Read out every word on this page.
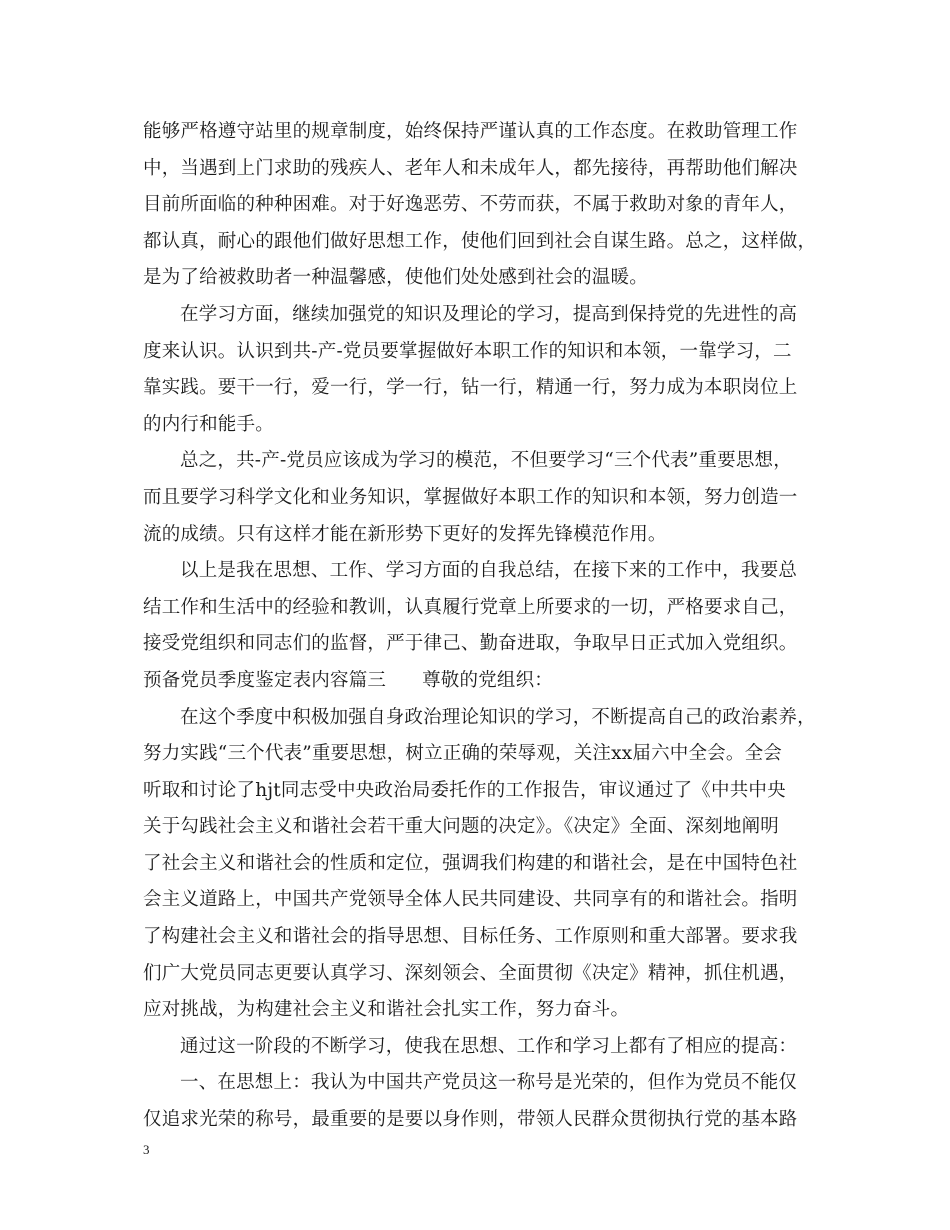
能够严格遵守站里的规章制度，始终保持严谨认真的工作态度。在救助管理工作
中，当遇到上门求助的残疾人、老年人和未成年人，都先接待，再帮助他们解决
目前所面临的种种困难。对于好逸恶劳、不劳而获，不属于救助对象的青年人，
都认真，耐心的跟他们做好思想工作，使他们回到社会自谋生路。总之，这样做，
是为了给被救助者一种温馨感，使他们处处感到社会的温暖。
在学习方面，继续加强党的知识及理论的学习，提高到保持党的先进性的高
度来认识。认识到共-产-党员要掌握做好本职工作的知识和本领，一靠学习，二
靠实践。要干一行，爱一行，学一行，钻一行，精通一行，努力成为本职岗位上
的内行和能手。
总之，共-产-党员应该成为学习的模范，不但要学习“三个代表”重要思想，
而且要学习科学文化和业务知识，掌握做好本职工作的知识和本领，努力创造一
流的成绩。只有这样才能在新形势下更好的发挥先锋模范作用。
以上是我在思想、工作、学习方面的自我总结，在接下来的工作中，我要总
结工作和生活中的经验和教训，认真履行党章上所要求的一切，严格要求自己，
接受党组织和同志们的监督，严于律己、勤奋进取，争取早日正式加入党组织。
预备党员季度鉴定表内容篇三 尊敬的党组织：
在这个季度中积极加强自身政治理论知识的学习，不断提高自己的政治素养，
努力实践“三个代表”重要思想，树立正确的荣辱观，关注xx届六中全会。全会
听取和讨论了hjt同志受中央政治局委托作的工作报告，审议通过了《中共中央
关于勾践社会主义和谐社会若干重大问题的决定》。《决定》全面、深刻地阐明
了社会主义和谐社会的性质和定位，强调我们构建的和谐社会，是在中国特色社
会主义道路上，中国共产党领导全体人民共同建设、共同享有的和谐社会。指明
了构建社会主义和谐社会的指导思想、目标任务、工作原则和重大部署。要求我
们广大党员同志更要认真学习、深刻领会、全面贯彻《决定》精神，抓住机遇，
应对挑战，为构建社会主义和谐社会扎实工作，努力奋斗。
通过这一阶段的不断学习，使我在思想、工作和学习上都有了相应的提高：
一、在思想上：我认为中国共产党员这一称号是光荣的，但作为党员不能仅
仅追求光荣的称号，最重要的是要以身作则，带领人民群众贯彻执行党的基本路
3
